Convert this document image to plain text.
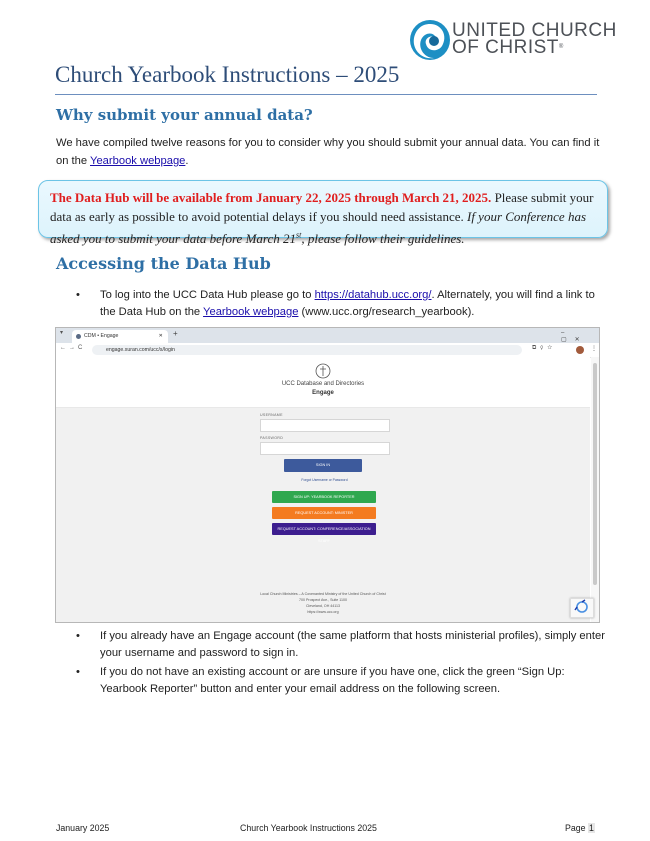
UNITED CHURCH
OF CHRIST®
Church Yearbook Instructions – 2025
Why submit your annual data?
We have compiled twelve reasons for you to consider why you should submit your annual data. You can find it on the Yearbook webpage.
The Data Hub will be available from January 22, 2025 through March 21, 2025. Please submit your data as early as possible to avoid potential delays if you should need assistance. If your Conference has asked you to submit your data before March 21st, please follow their guidelines.
Accessing the Data Hub
• To log into the UCC Data Hub please go to https://datahub.ucc.org/. Alternately, you will find a link to the Data Hub on the Yearbook webpage (www.ucc.org/research_yearbook).
▾	CDM • Engage	✕ +	–▢✕
←→C	engage.xuran.com/ucc/s/login	⧉⚲☆	⋮
UCC Database and Directories
Engage
USERNAME
PASSWORD
SIGN IN
Forgot Username or Password
SIGN UP: YEARBOOK REPORTER
REQUEST ACCOUNT: MINISTER
REQUEST ACCOUNT: CONFERENCE/ASSOCIATION STAFF
Local Church Ministries – A Covenanted Ministry of the United Church of Christ
700 Prospect Ave., Suite 1100
Cleveland, OH 44113
https://www.ucc.org
• If you already have an Engage account (the same platform that hosts ministerial profiles), simply enter your username and password to sign in.
• If you do not have an existing account or are unsure if you have one, click the green “Sign Up: Yearbook Reporter” button and enter your email address on the following screen.
January 2025	Church Yearbook Instructions 2025	Page 1
